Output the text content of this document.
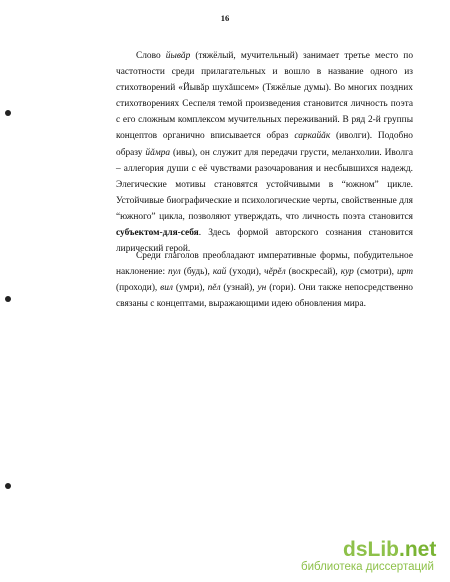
16

Слово йывăр (тяжёлый, мучительный) занимает третье место по частотности среди прилагательных и вошло в название одного из стихотворений «Йывăр шухăшсем» (Тяжёлые думы). Во многих поздних стихотворениях Сеспеля темой произведения становится личность поэта с его сложным комплексом мучительных переживаний. В ряд 2-й группы концептов органично вписывается образ саркайăк (иволги). Подобно образу йăмра (ивы), он служит для передачи грусти, меланхолии. Иволга – аллегория души с её чувствами разочарования и несбывшихся надежд. Элегические мотивы становятся устойчивыми в “южном” цикле. Устойчивые биографические и психологические черты, свойственные для “южного” цикла, позволяют утверждать, что личность поэта становится субъектом-для-себя. Здесь формой авторского сознания становится лирический герой.

Среди глаголов преобладают императивные формы, побудительное наклонение: пул (будь), кай (уходи), чĕрĕл (воскресай), кур (смотри), ирт (проходи), вил (умри), пĕл (узнай), ун (гори). Они также непосредственно связаны с концептами, выражающими идею обновления мира.

dsLib.net
библиотека диссертаций
